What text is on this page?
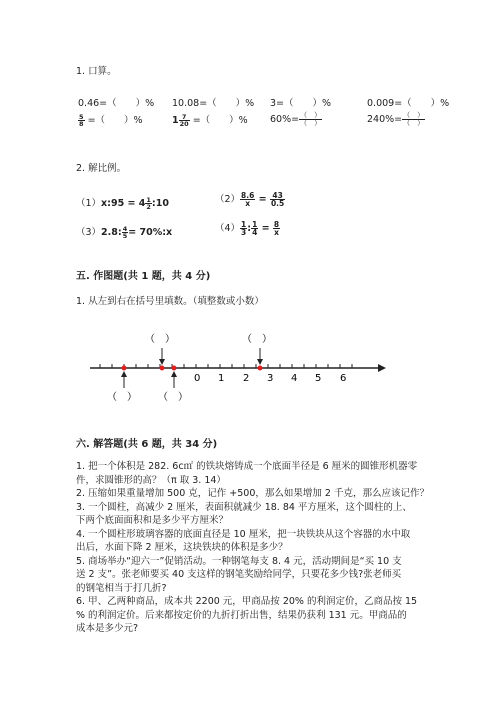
1. 口算。
0.46=（　　）% 10.08=（　　）% 3=（　　）%	0.009=（　　）%
$\frac{5}{8}$ =（　　）%	$1 \frac{7}{20}$ =（　　）% $60\%= \frac{( )}{( )}$	$240\%= \frac{( )}{( )}$
2. 解比例。
（1）x:95 = $4 \frac{1}{2}$ :10	$(2) \frac{8.6}{x} = \frac{43}{0.5}$
（3）2.8: $\frac{4}{5}$ = 70%:x	$(4) \frac{1}{3}$ : $\frac{1}{4} = \frac{8}{x}$
五. 作图题(共 1 题，共 4 分)
1. 从左到右在括号里填数。（填整数或小数）
（　）	（　）
0 1 2 3 4 5 6
（　） （　）
六. 解答题(共 6 题，共 34 分)
1. 把一个体积是 282. 6c㎡ 的铁块熔铸成一个底面半径是 6 厘米的圆锥形机器零
件，求圆锥形的高？（π 取 3. 14）
2. 压缩如果重量增加 500 克，记作 +500，那么如果增加 2 千克，那么应该记作？
3. 一个圆柱，高减少 2 厘米，表面积就减少 18. 84 平方厘米，这个圆柱的上、
下两个底面面积和是多少平方厘米？
4. 一个圆柱形玻璃容器的底面直径是 10 厘米，把一块铁块从这个容器的水中取
出后，水面下降 2 厘米，这块铁块的体积是多少？
5. 商场举办“迎六一”促销活动。一种钢笔每支 8. 4 元，活动期间是“买 10 支
送 2 支”。张老师要买 40 支这样的钢笔奖励给同学，只要花多少钱?张老师买
的钢笔相当于打几折?
6. 甲、乙两种商品，成本共 2200 元，甲商品按 20% 的利润定价，乙商品按 15
% 的利润定价。后来都按定价的九折打折出售，结果仍获利 131 元。甲商品的
成本是多少元?
